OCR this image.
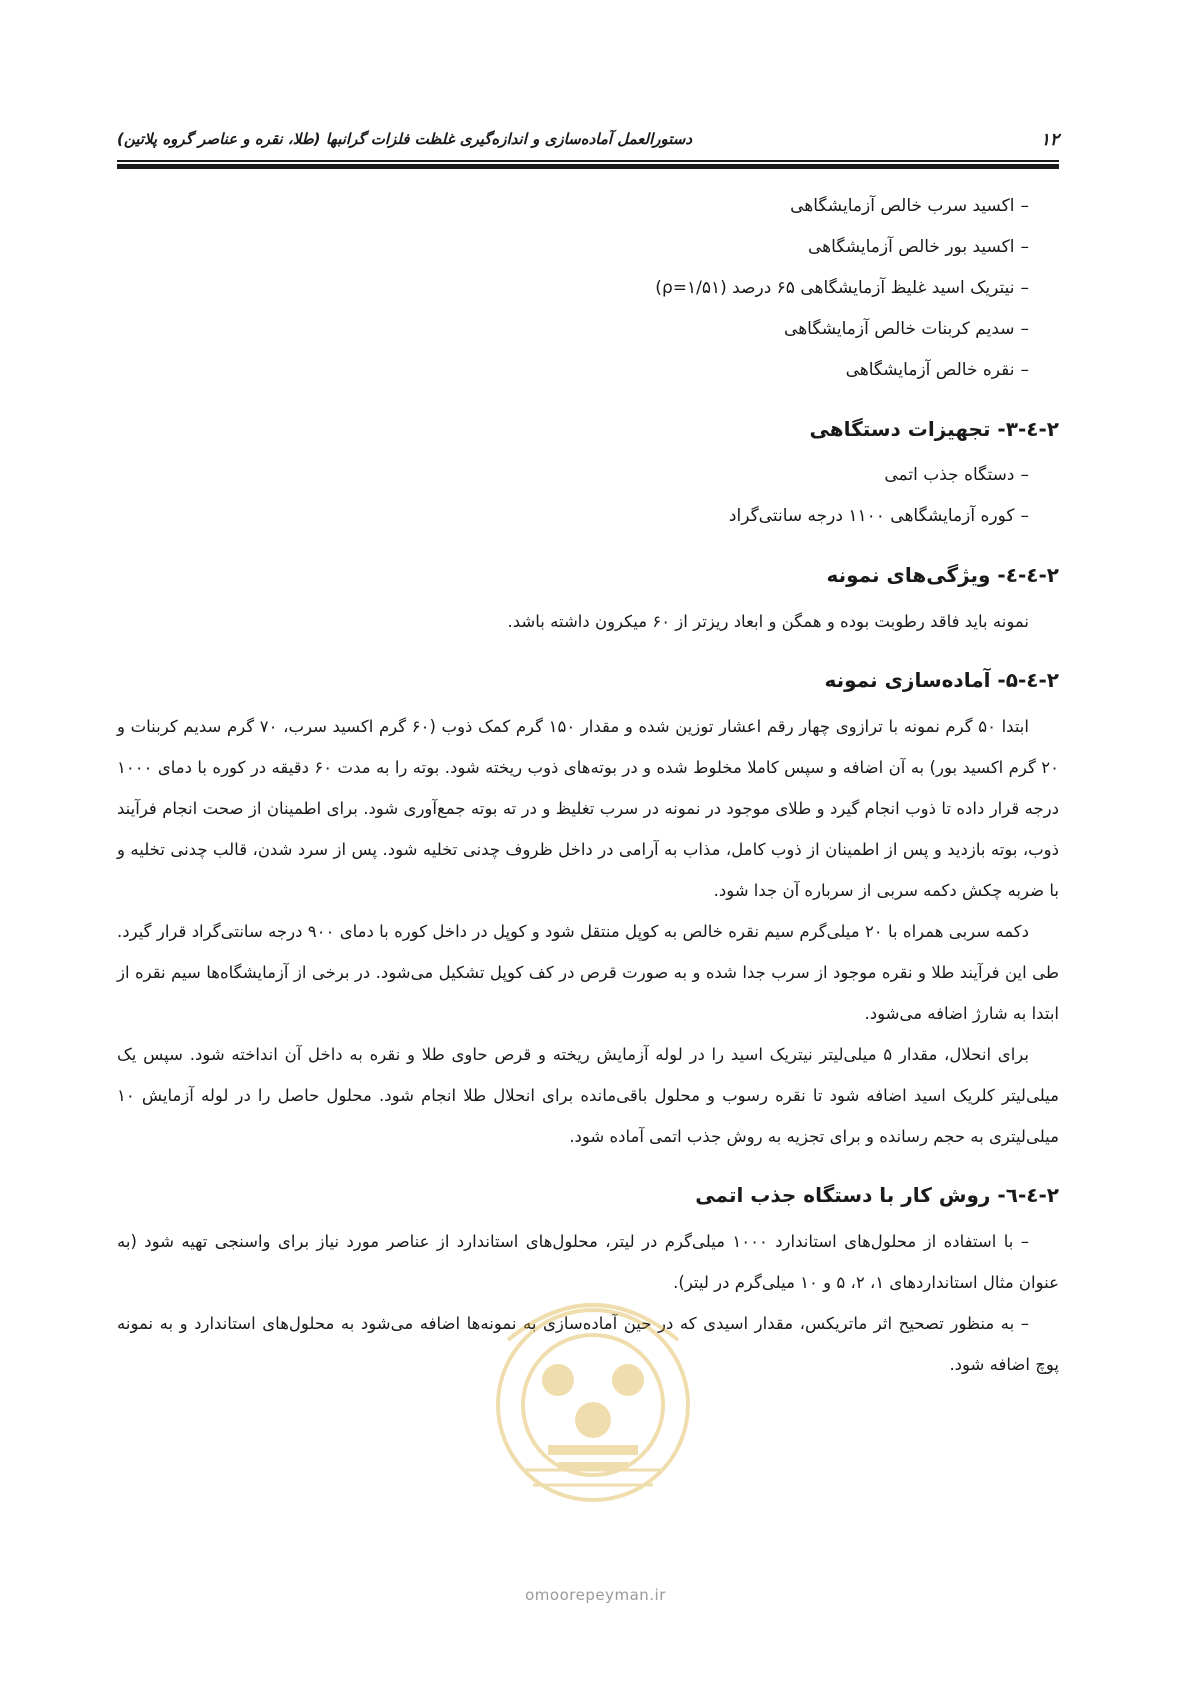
۱۲
دستورالعمل آماده‌سازی و اندازه‌گیری غلظت فلزات گرانبها (طلا، نقره و عناصر گروه پلاتین)
–اکسید سرب خالص آزمایشگاهی
–اکسید بور خالص آزمایشگاهی
–نیتریک اسید غلیظ آزمایشگاهی ۶۵ درصد (ρ=۱/۵۱)
–سدیم کربنات خالص آزمایشگاهی
–نقره خالص آزمایشگاهی
۲-٤-۳- تجهیزات دستگاهی
–دستگاه جذب اتمی
–کوره آزمایشگاهی ۱۱۰۰ درجه سانتی‌گراد
۲-٤-٤- ویژگی‌های نمونه

نمونه باید فاقد رطوبت بوده و همگن و ابعاد ریزتر از ۶۰ میکرون داشته باشد.

۲-٤-۵- آماده‌سازی نمونه

ابتدا ۵۰ گرم نمونه با ترازوی چهار رقم اعشار توزین شده و مقدار ۱۵۰ گرم کمک ذوب (۶۰ گرم اکسید سرب، ۷۰ گرم سدیم کربنات و ۲۰ گرم اکسید بور) به آن اضافه و سپس کاملا مخلوط شده و در بوته‌های ذوب ریخته شود. بوته را به مدت ۶۰ دقیقه در کوره با دمای ۱۰۰۰ درجه قرار داده تا ذوب انجام گیرد و طلای موجود در نمونه در سرب تغلیظ و در ته بوته جمع‌آوری شود. برای اطمینان از صحت انجام فرآیند ذوب، بوته بازدید و پس از اطمینان از ذوب کامل، مذاب به آرامی در داخل ظروف چدنی تخلیه شود. پس از سرد شدن، قالب چدنی تخلیه و با ضربه چکش دکمه سربی از سرباره آن جدا شود.

دکمه سربی همراه با ۲۰ میلی‌گرم سیم نقره خالص به کوپل منتقل شود و کوپل در داخل کوره با دمای ۹۰۰ درجه سانتی‌گراد قرار گیرد. طی این فرآیند طلا و نقره موجود از سرب جدا شده و به صورت قرص در کف کوپل تشکیل می‌شود. در برخی از آزمایشگاه‌ها سیم نقره از ابتدا به شارژ اضافه می‌شود.

برای انحلال، مقدار ۵ میلی‌لیتر نیتریک اسید را در لوله آزمایش ریخته و قرص حاوی طلا و نقره به داخل آن انداخته شود. سپس یک میلی‌لیتر کلریک اسید اضافه شود تا نقره رسوب و محلول باقی‌مانده برای انحلال طلا انجام شود. محلول حاصل را در لوله آزمایش ۱۰ میلی‌لیتری به حجم رسانده و برای تجزیه به روش جذب اتمی آماده شود.

۲-٤-٦- روش کار با دستگاه جذب اتمی

– با استفاده از محلول‌های استاندارد ۱۰۰۰ میلی‌گرم در لیتر، محلول‌های استاندارد از عناصر مورد نیاز برای واسنجی تهیه شود (به عنوان مثال استانداردهای ۱، ۲، ۵ و ۱۰ میلی‌گرم در لیتر).

– به منظور تصحیح اثر ماتریکس، مقدار اسیدی که در حین آماده‌سازی به نمونه‌ها اضافه می‌شود به محلول‌های استاندارد و به نمونه پوچ اضافه شود.

omoorepeyman.ir
